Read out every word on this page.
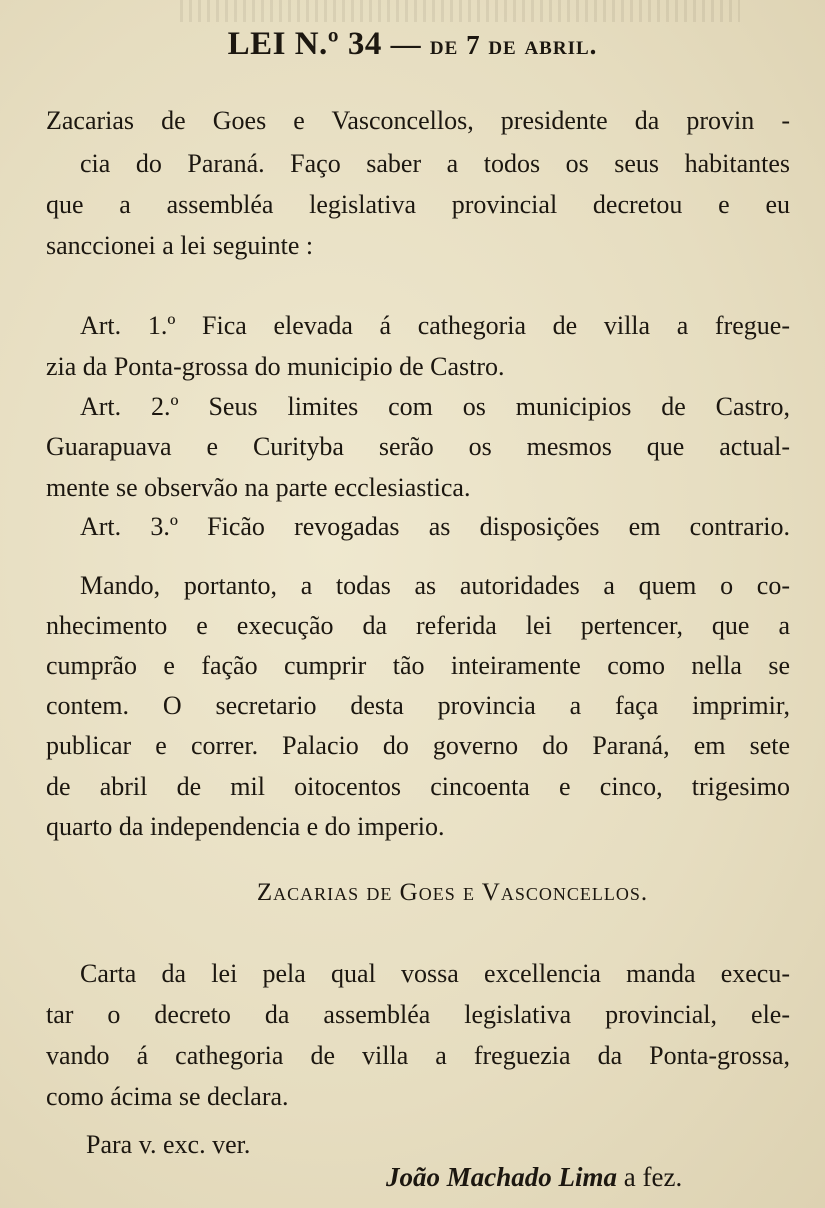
LEI N.º 34 — de 7 de abril.
Zacarias de Goes e Vasconcellos, presidente da provin -
cia do Paraná. Faço saber a todos os seus habitantes
que a assembléa legislativa provincial decretou e eu
sanccionei a lei seguinte :
Art. 1.º Fica elevada á cathegoria de villa a fregue-
zia da Ponta-grossa do municipio de Castro.
Art. 2.º Seus limites com os municipios de Castro,
Guarapuava e Curityba serão os mesmos que actual-
mente se observão na parte ecclesiastica.
Art. 3.º Ficão revogadas as disposições em contrario.
Mando, portanto, a todas as autoridades a quem o co-
nhecimento e execução da referida lei pertencer, que a
cumprão e fação cumprir tão inteiramente como nella se
contem. O secretario desta provincia a faça imprimir,
publicar e correr. Palacio do governo do Paraná, em sete
de abril de mil oitocentos cincoenta e cinco, trigesimo
quarto da independencia e do imperio.
Zacarias de Goes e Vasconcellos.
Carta da lei pela qual vossa excellencia manda execu-
tar o decreto da assembléa legislativa provincial, ele-
vando á cathegoria de villa a freguezia da Ponta-grossa,
como ácima se declara.
Para v. exc. ver.
João Machado Lima a fez.
